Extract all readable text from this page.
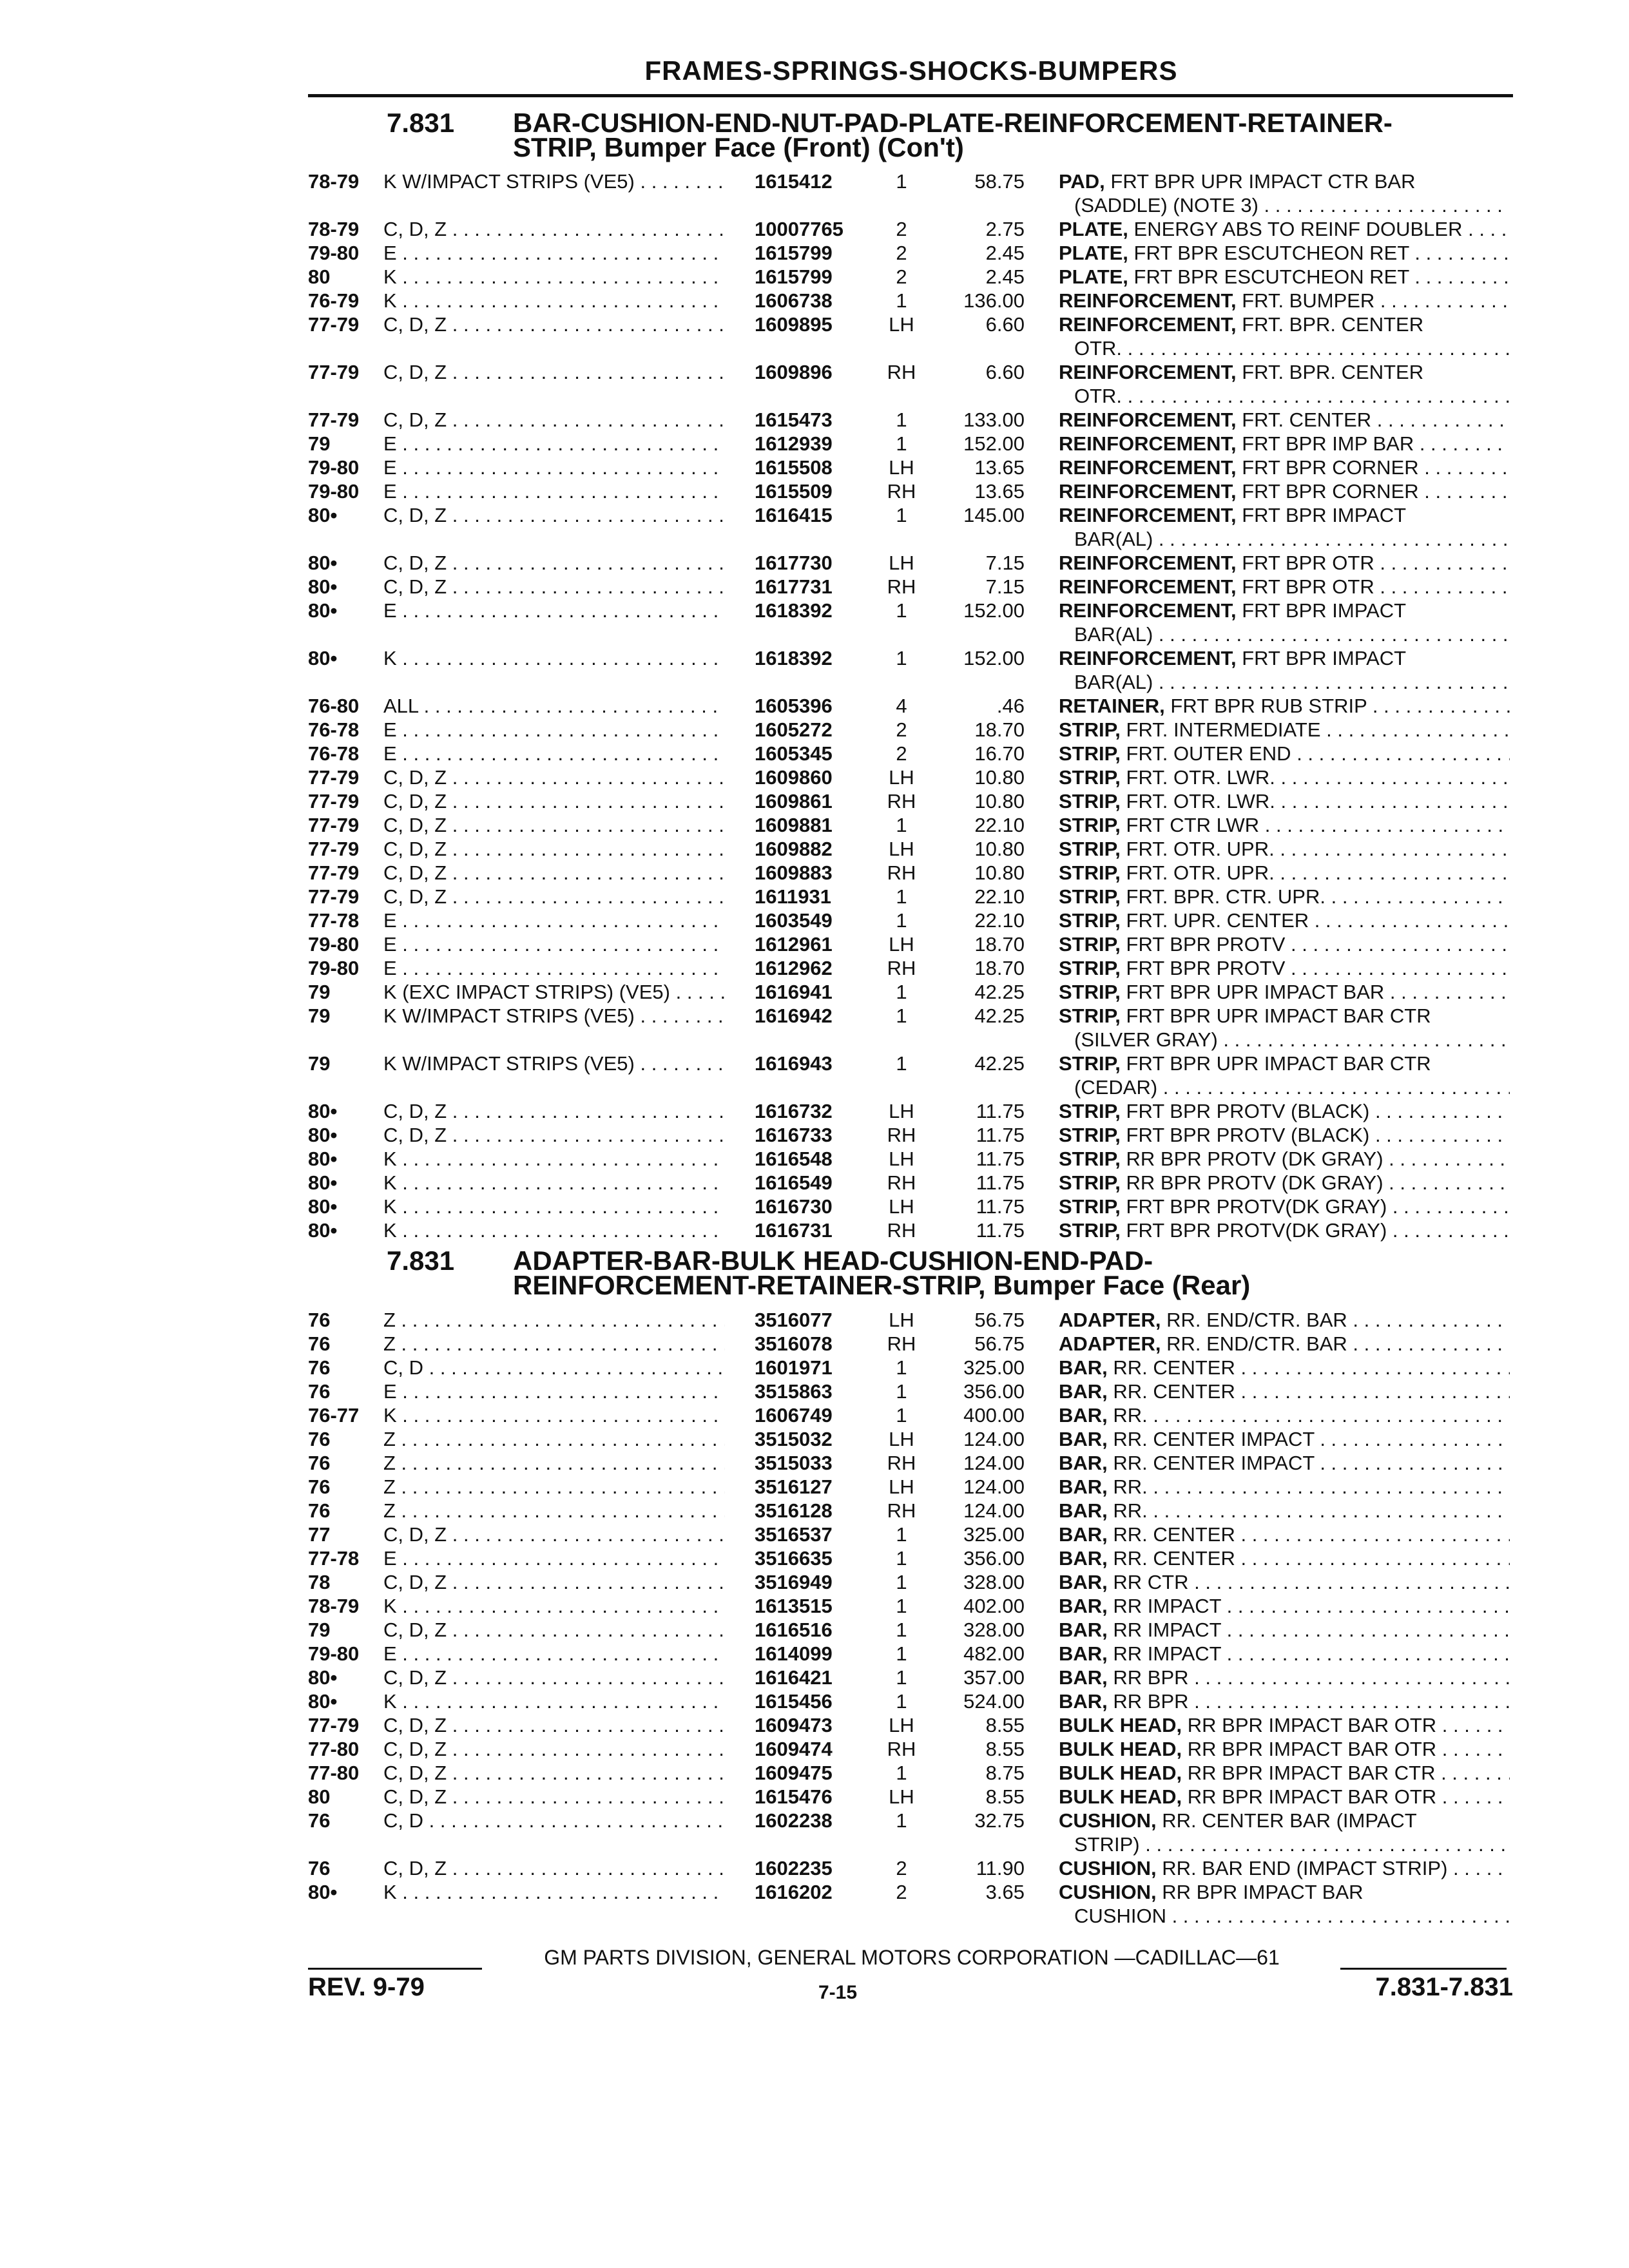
FRAMES-SPRINGS-SHOCKS-BUMPERS
7.831 BAR-CUSHION-END-NUT-PAD-PLATE-REINFORCEMENT-RETAINER-
STRIP, Bumper Face (Front) (Con't)
78-79 K W/IMPACT STRIPS (VE5) . . .	1615412	1	58.75 PAD, FRT BPR UPR IMPACT CTR BAR
(SADDLE) (NOTE 3) . . .
78-79 C, D, Z . . .	10007765	2	2.75 PLATE, ENERGY ABS TO REINF DOUBLER . . .
79-80 E . . .	1615799	2	2.45 PLATE, FRT BPR ESCUTCHEON RET . . .
80	K . . .	1615799	2	2.45 PLATE, FRT BPR ESCUTCHEON RET . . .
76-79 K . . .	1606738	1	136.00 REINFORCEMENT, FRT. BUMPER . . .
77-79 C, D, Z . . .	1609895	LH	6.60 REINFORCEMENT, FRT. BPR. CENTER
OTR. . . .
77-79 C, D, Z . . .	1609896	RH	6.60 REINFORCEMENT, FRT. BPR. CENTER
OTR. . . .
77-79 C, D, Z . . .	1615473	1	133.00 REINFORCEMENT, FRT. CENTER . . .
79	E . . .	1612939	1	152.00 REINFORCEMENT, FRT BPR IMP BAR . . .
79-80 E . . .	1615508	LH	13.65 REINFORCEMENT, FRT BPR CORNER . . .
79-80 E . . .	1615509	RH	13.65 REINFORCEMENT, FRT BPR CORNER . . .
80• C, D, Z . . .	1616415	1	145.00 REINFORCEMENT, FRT BPR IMPACT
BAR(AL) . . .
80• C, D, Z . . .	1617730	LH	7.15 REINFORCEMENT, FRT BPR OTR . . .
80• C, D, Z . . .	1617731	RH	7.15 REINFORCEMENT, FRT BPR OTR . . .
80• E . . .	1618392	1	152.00 REINFORCEMENT, FRT BPR IMPACT
BAR(AL) . . .
80• K . . .	1618392	1	152.00 REINFORCEMENT, FRT BPR IMPACT
BAR(AL) . . .
76-80 ALL . . .	1605396	4	.46 RETAINER, FRT BPR RUB STRIP . . .
76-78 E . . .	1605272	2	18.70 STRIP, FRT. INTERMEDIATE . . .
76-78 E . . .	1605345	2	16.70 STRIP, FRT. OUTER END . . .
77-79 C, D, Z . . .	1609860	LH	10.80 STRIP, FRT. OTR. LWR. . . .
77-79 C, D, Z . . .	1609861	RH	10.80 STRIP, FRT. OTR. LWR. . . .
77-79 C, D, Z . . .	1609881	1	22.10 STRIP, FRT CTR LWR . . .
77-79 C, D, Z . . .	1609882	LH	10.80 STRIP, FRT. OTR. UPR. . . .
77-79 C, D, Z . . .	1609883	RH	10.80 STRIP, FRT. OTR. UPR. . . .
77-79 C, D, Z . . .	1611931	1	22.10 STRIP, FRT. BPR. CTR. UPR. . . .
77-78 E . . .	1603549	1	22.10 STRIP, FRT. UPR. CENTER . . .
79-80 E . . .	1612961	LH	18.70 STRIP, FRT BPR PROTV . . .
79-80 E . . .	1612962	RH	18.70 STRIP, FRT BPR PROTV . . .
79	K (EXC IMPACT STRIPS) (VE5) . . .	1616941	1	42.25 STRIP, FRT BPR UPR IMPACT BAR . . .
79	K W/IMPACT STRIPS (VE5) . . .	1616942	1	42.25 STRIP, FRT BPR UPR IMPACT BAR CTR
(SILVER GRAY) . . .
79	K W/IMPACT STRIPS (VE5) . . .	1616943	1	42.25 STRIP, FRT BPR UPR IMPACT BAR CTR
(CEDAR) . . .
80• C, D, Z . . .	1616732	LH	11.75 STRIP, FRT BPR PROTV (BLACK) . . .
80• C, D, Z . . .	1616733	RH	11.75 STRIP, FRT BPR PROTV (BLACK) . . .
80• K . . .	1616548	LH	11.75 STRIP, RR BPR PROTV (DK GRAY) . . .
80• K . . .	1616549	RH	11.75 STRIP, RR BPR PROTV (DK GRAY) . . .
80• K . . .	1616730	LH	11.75 STRIP, FRT BPR PROTV(DK GRAY) . . .
80• K . . .	1616731	RH	11.75 STRIP, FRT BPR PROTV(DK GRAY) . . .
7.831 ADAPTER-BAR-BULK HEAD-CUSHION-END-PAD-
REINFORCEMENT-RETAINER-STRIP, Bumper Face (Rear)
76	Z . . .	3516077	LH	56.75 ADAPTER, RR. END/CTR. BAR . . .
76	Z . . .	3516078	RH	56.75 ADAPTER, RR. END/CTR. BAR . . .
76	C, D . . .	1601971	1	325.00 BAR, RR. CENTER . . .
76	E . . .	3515863	1	356.00 BAR, RR. CENTER . . .
76-77 K . . .	1606749	1	400.00 BAR, RR. . . .
76	Z . . .	3515032	LH	124.00 BAR, RR. CENTER IMPACT . . .
76	Z . . .	3515033	RH	124.00 BAR, RR. CENTER IMPACT . . .
76	Z . . .	3516127	LH	124.00 BAR, RR. . . .
76	Z . . .	3516128	RH	124.00 BAR, RR. . . .
77	C, D, Z . . .	3516537	1	325.00 BAR, RR. CENTER . . .
77-78 E . . .	3516635	1	356.00 BAR, RR. CENTER . . .
78	C, D, Z . . .	3516949	1	328.00 BAR, RR CTR . . .
78-79 K . . .	1613515	1	402.00 BAR, RR IMPACT . . .
79	C, D, Z . . .	1616516	1	328.00 BAR, RR IMPACT . . .
79-80 E . . .	1614099	1	482.00 BAR, RR IMPACT . . .
80• C, D, Z . . .	1616421	1	357.00 BAR, RR BPR . . .
80• K . . .	1615456	1	524.00 BAR, RR BPR . . .
77-79 C, D, Z . . .	1609473	LH	8.55 BULK HEAD, RR BPR IMPACT BAR OTR . . .
77-80 C, D, Z . . .	1609474	RH	8.55 BULK HEAD, RR BPR IMPACT BAR OTR . . .
77-80 C, D, Z . . .	1609475	1	8.75 BULK HEAD, RR BPR IMPACT BAR CTR . . .
80	C, D, Z . . .	1615476	LH	8.55 BULK HEAD, RR BPR IMPACT BAR OTR . . .
76	C, D . . .	1602238	1	32.75 CUSHION, RR. CENTER BAR (IMPACT
STRIP) . . .
76	C, D, Z . . .	1602235	2	11.90 CUSHION, RR. BAR END (IMPACT STRIP) . . .
80• K . . .	1616202	2	3.65 CUSHION, RR BPR IMPACT BAR
CUSHION . . .
GM PARTS DIVISION, GENERAL MOTORS CORPORATION —CADILLAC—61
REV. 9-79	7-15	7.831-7.831
